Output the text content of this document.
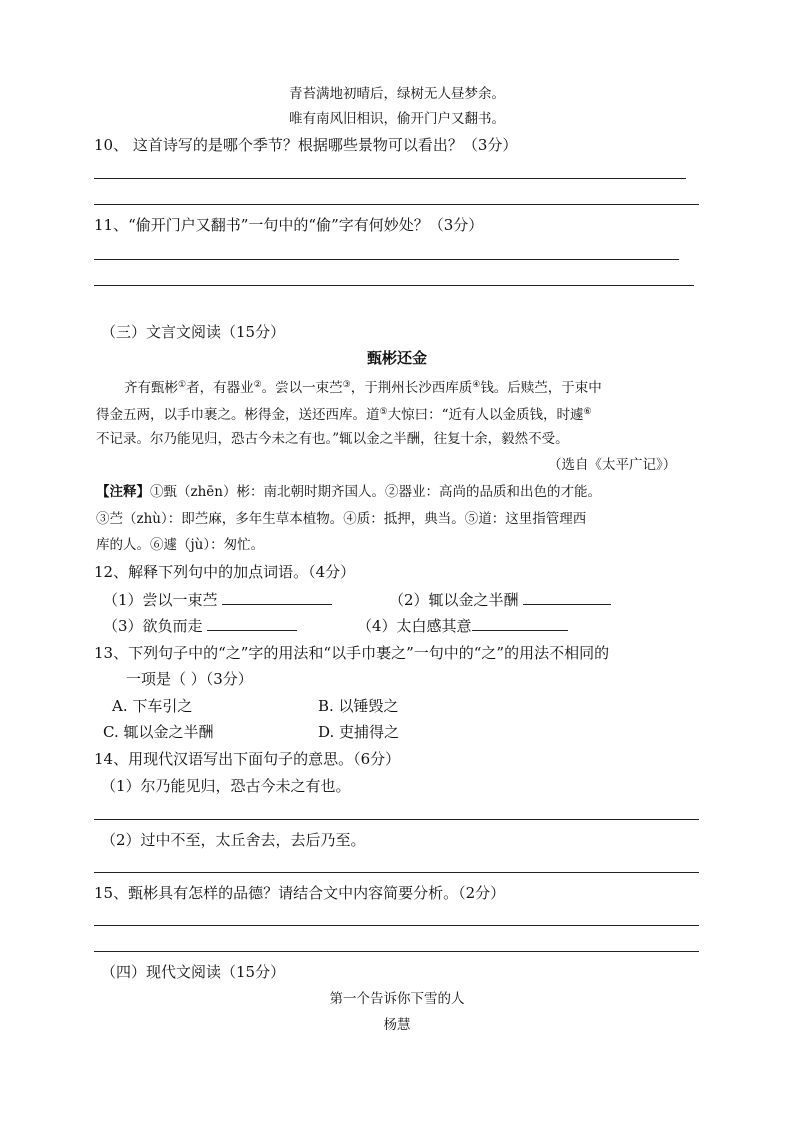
青苔满地初晴后，绿树无人昼梦余。
唯有南风旧相识，偷开门户又翻书。
10、 这首诗写的是哪个季节？根据哪些景物可以看出？（3分）
11、“偷开门户又翻书”一句中的“偷”字有何妙处？（3分）
（三）文言文阅读（15分）
甄彬还金
齐有甄彬①者，有器业②。尝以一束苎③，于荆州长沙西库质④钱。后赎苎，于束中
得金五两，以手巾裹之。彬得金，送还西库。道⑤大惊曰：“近有人以金质钱，时遽⑥
不记录。尔乃能见归，恐古今未之有也。”辄以金之半酬，往复十余，毅然不受。
（选自《太平广记》）
【注释】①甄（zhēn）彬：南北朝时期齐国人。②器业：高尚的品质和出色的才能。
③苎（zhù）：即苎麻，多年生草本植物。④质：抵押，典当。⑤道：这里指管理西
库的人。⑥遽（jù）：匆忙。
12、解释下列句中的加点词语。（4分）
（1）尝以一束苎	（2）辄以金之半酬
（3）欲负而走	（4）太白感其意
13、下列句子中的“之”字的用法和“以手巾裹之”一句中的“之”的用法不相同的
一项是（ ）（3分）
A. 下车引之	B. 以锤毁之
C. 辄以金之半酬	D. 吏捕得之
14、用现代汉语写出下面句子的意思。（6分）
（1）尔乃能见归，恐古今未之有也。
（2）过中不至，太丘舍去，去后乃至。
15、甄彬具有怎样的品德？请结合文中内容简要分析。（2分）
（四）现代文阅读（15分）
第一个告诉你下雪的人
杨慧
